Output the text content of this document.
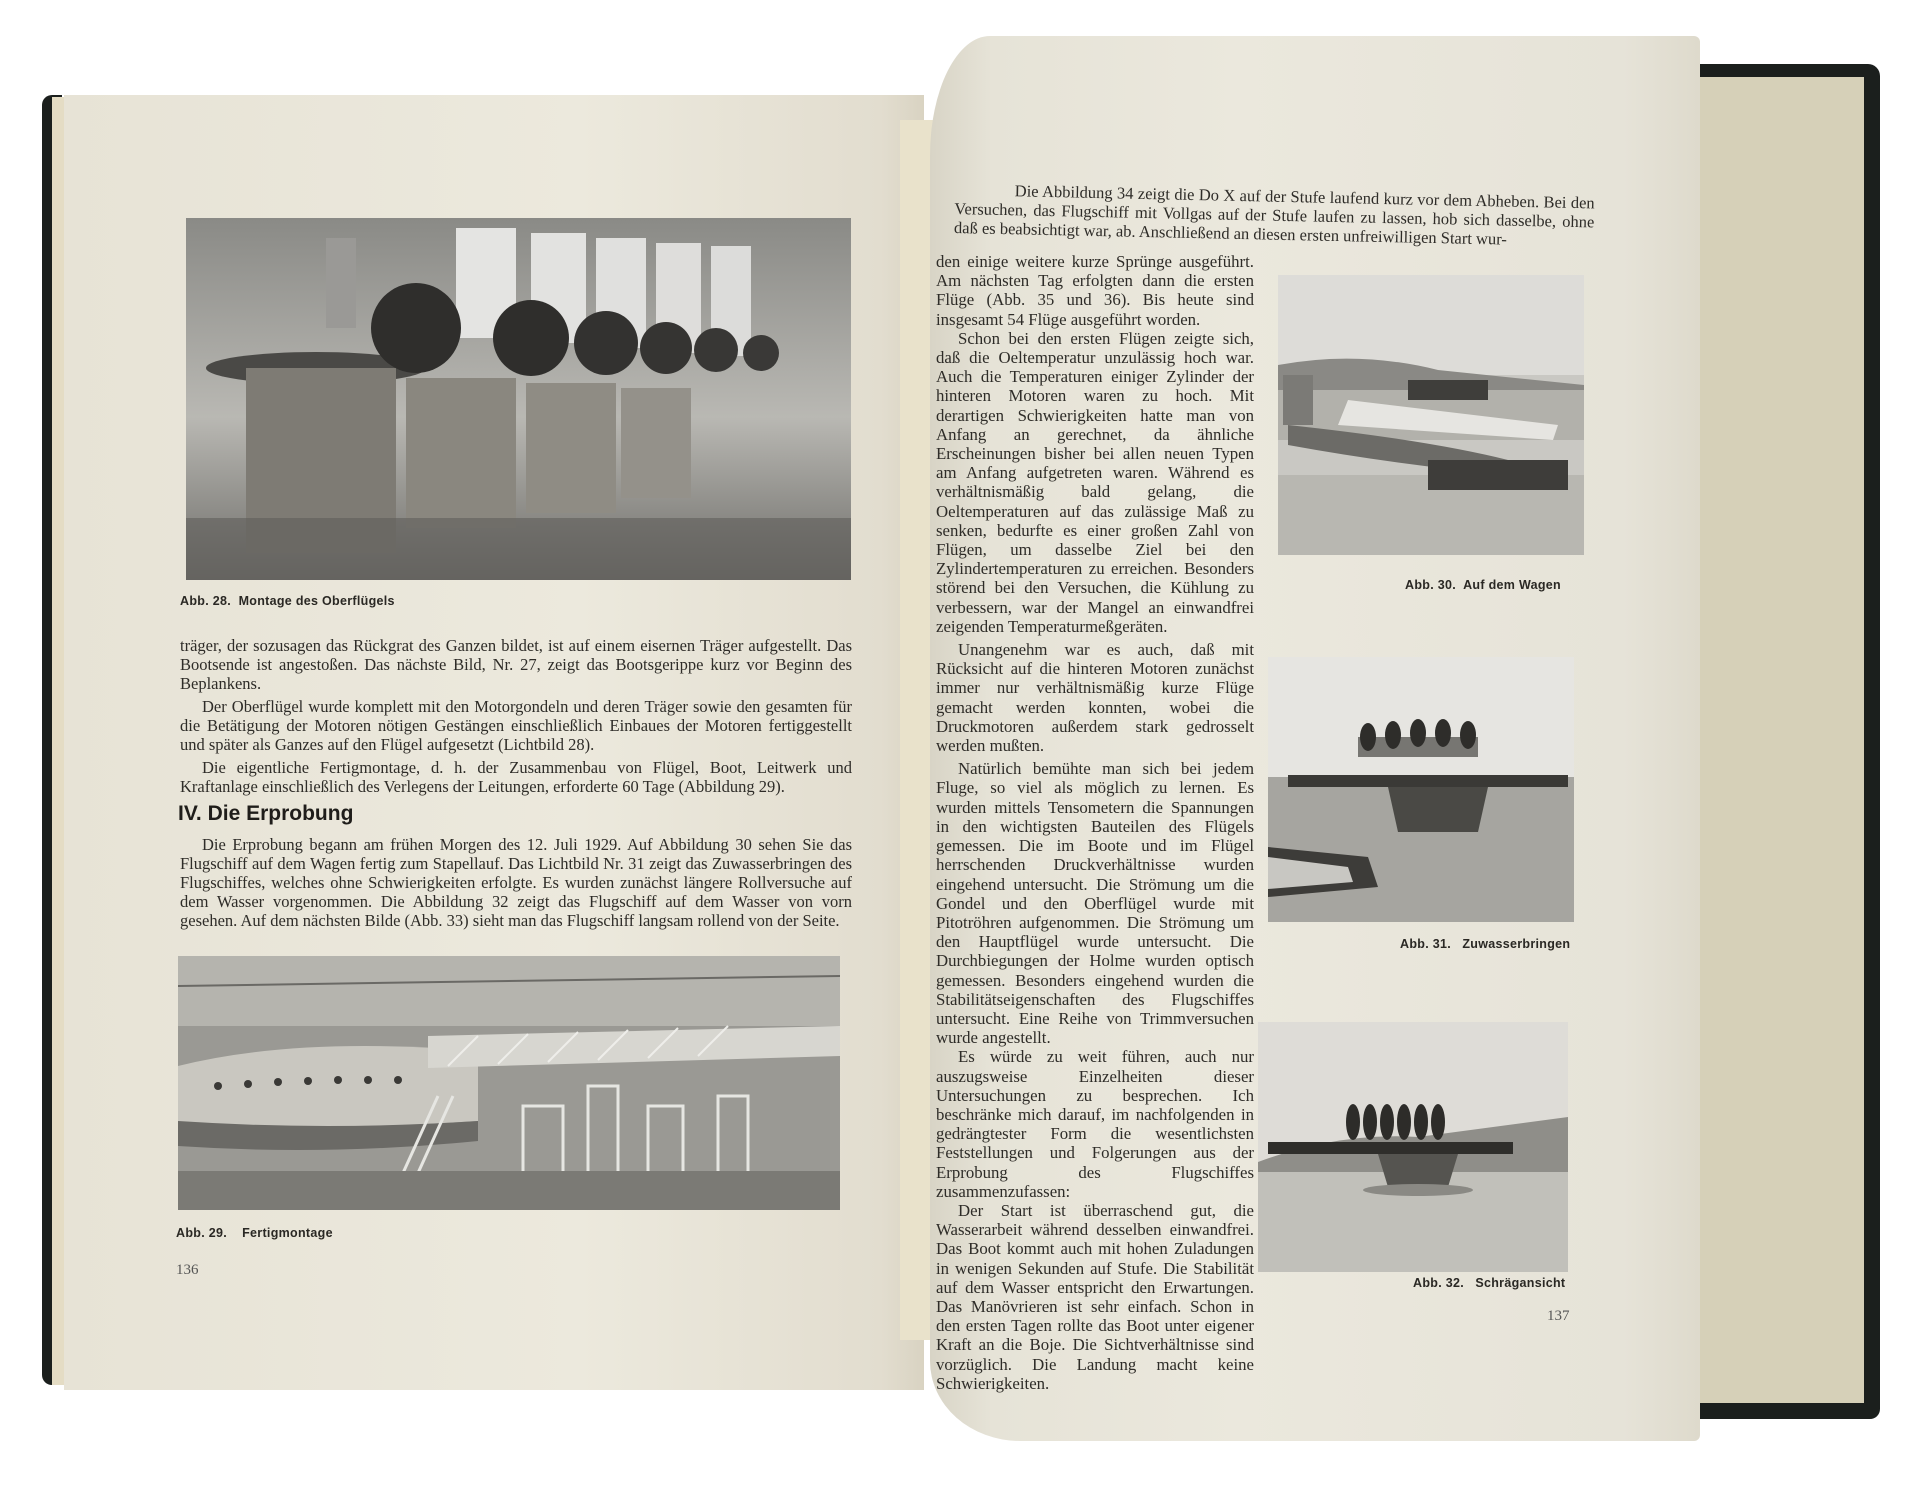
Abb. 28.  Montage des Oberflügels

träger, der sozusagen das Rückgrat des Ganzen bildet, ist auf einem eisernen Träger aufgestellt. Das Bootsende ist angestoßen. Das nächste Bild, Nr. 27, zeigt das Bootsgerippe kurz vor Beginn des Beplankens.

Der Oberflügel wurde komplett mit den Motorgondeln und deren Träger sowie den gesamten für die Betätigung der Motoren nötigen Gestängen einschließlich Einbaues der Motoren fertiggestellt und später als Ganzes auf den Flügel aufgesetzt (Lichtbild 28).

Die eigentliche Fertigmontage, d. h. der Zusammenbau von Flügel, Boot, Leitwerk und Kraftanlage einschließlich des Verlegens der Leitungen, erforderte 60 Tage (Abbildung 29).

IV. Die Erprobung

Die Erprobung begann am frühen Morgen des 12. Juli 1929. Auf Abbildung 30 sehen Sie das Flugschiff auf dem Wagen fertig zum Stapellauf. Das Lichtbild Nr. 31 zeigt das Zuwasserbringen des Flugschiffes, welches ohne Schwierigkeiten erfolgte. Es wurden zunächst längere Rollversuche auf dem Wasser vorgenommen. Die Abbildung 32 zeigt das Flugschiff auf dem Wasser von vorn gesehen. Auf dem nächsten Bilde (Abb. 33) sieht man das Flugschiff langsam rollend von der Seite.

Abb. 29.    Fertigmontage
136

Die Abbildung 34 zeigt die Do X auf der Stufe laufend kurz vor dem Abheben. Bei den Versuchen, das Flugschiff mit Vollgas auf der Stufe laufen zu lassen, hob sich dasselbe, ohne daß es beabsichtigt war, ab. Anschließend an diesen ersten unfreiwilligen Start wur-

den einige weitere kurze Sprünge ausgeführt. Am nächsten Tag erfolgten dann die ersten Flüge (Abb. 35 und 36). Bis heute sind insgesamt 54 Flüge ausgeführt worden.

Schon bei den ersten Flügen zeigte sich, daß die Oeltemperatur unzulässig hoch war. Auch die Temperaturen einiger Zylinder der hinteren Motoren waren zu hoch. Mit derartigen Schwierigkeiten hatte man von Anfang an gerechnet, da ähnliche Erscheinungen bisher bei allen neuen Typen am Anfang aufgetreten waren. Während es verhältnismäßig bald gelang, die Oeltemperaturen auf das zulässige Maß zu senken, bedurfte es einer großen Zahl von Flügen, um dasselbe Ziel bei den Zylindertemperaturen zu erreichen. Besonders störend bei den Versuchen, die Kühlung zu verbessern, war der Mangel an einwandfrei zeigenden Temperaturmeßgeräten.

Unangenehm war es auch, daß mit Rücksicht auf die hinteren Motoren zunächst immer nur verhältnismäßig kurze Flüge gemacht werden konnten, wobei die Druckmotoren außerdem stark gedrosselt werden mußten.

Natürlich bemühte man sich bei jedem Fluge, so viel als möglich zu lernen. Es wurden mittels Tensometern die Spannungen in den wichtigsten Bauteilen des Flügels gemessen. Die im Boote und im Flügel herrschenden Druckverhältnisse wurden eingehend untersucht. Die Strömung um die Gondel und den Oberflügel wurde mit Pitotröhren aufgenommen. Die Strömung um den Hauptflügel wurde untersucht. Die Durchbiegungen der Holme wurden optisch gemessen. Besonders eingehend wurden die Stabilitätseigenschaften des Flugschiffes untersucht. Eine Reihe von Trimmversuchen wurde angestellt.

Es würde zu weit führen, auch nur auszugsweise Einzelheiten dieser Untersuchungen zu besprechen. Ich beschränke mich darauf, im nachfolgenden in gedrängtester Form die wesentlichsten Feststellungen und Folgerungen aus der Erprobung des Flugschiffes zusammenzufassen:

Der Start ist überraschend gut, die Wasserarbeit während desselben einwandfrei. Das Boot kommt auch mit hohen Zuladungen in wenigen Sekunden auf Stufe. Die Stabilität auf dem Wasser entspricht den Erwartungen. Das Manövrieren ist sehr einfach. Schon in den ersten Tagen rollte das Boot unter eigener Kraft an die Boje. Die Sichtverhältnisse sind vorzüglich. Die Landung macht keine Schwierigkeiten.

Abb. 30.  Auf dem Wagen
Abb. 31.   Zuwasserbringen
Abb. 32.   Schrägansicht
137
